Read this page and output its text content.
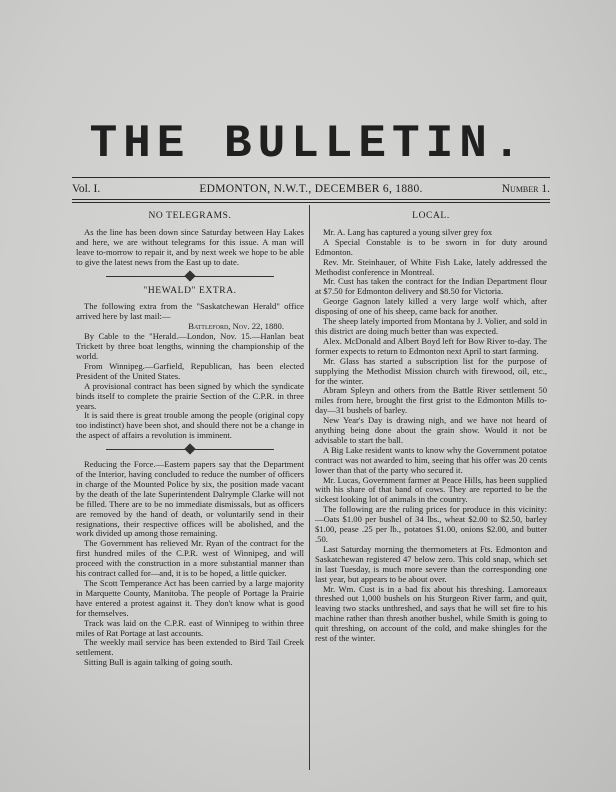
THE BULLETIN.
Vol. I.	EDMONTON, N.W.T., DECEMBER 6, 1880.	Number 1.

NO TELEGRAMS.

As the line has been down since Saturday between Hay Lakes and here, we are without telegrams for this issue. A man will leave to-morrow to repair it, and by next week we hope to be able to give the latest news from the East up to date.

"HEWALD" EXTRA.

The following extra from the "Saskatchewan Herald" office arrived here by last mail:—

Battleford, Nov. 22, 1880.

By Cable to the "Herald.—London, Nov. 15.—Hanlan beat Trickett by three boat lengths, winning the championship of the world.

From Winnipeg.—Garfield, Republican, has been elected President of the United States.

A provisional contract has been signed by which the syndicate binds itself to complete the prairie Section of the C.P.R. in three years.

It is said there is great trouble among the people (original copy too indistinct) have been shot, and should there not be a change in the aspect of affairs a revolution is imminent.

Reducing the Force.—Eastern papers say that the Department of the Interior, having concluded to reduce the number of officers in charge of the Mounted Police by six, the position made vacant by the death of the late Superintendent Dalrymple Clarke will not be filled. There are to be no immediate dismissals, but as officers are removed by the hand of death, or voluntarily send in their resignations, their respective offices will be abolished, and the work divided up among those remaining.

The Government has relieved Mr. Ryan of the contract for the first hundred miles of the C.P.R. west of Winnipeg, and will proceed with the construction in a more substantial manner than his contract called for—and, it is to be hoped, a little quicker.

The Scott Temperance Act has been carried by a large majority in Marquette County, Manitoba. The people of Portage la Prairie have entered a protest against it. They don't know what is good for themselves.

Track was laid on the C.P.R. east of Winnipeg to within three miles of Rat Portage at last accounts.

The weekly mail service has been extended to Bird Tail Creek settlement.

Sitting Bull is again talking of going south.

LOCAL.

Mr. A. Lang has captured a young silver grey fox

A Special Constable is to be sworn in for duty around Edmonton.

Rev. Mr. Steinhauer, of White Fish Lake, lately addressed the Methodist conference in Montreal.

Mr. Cust has taken the contract for the Indian Department flour at $7.50 for Edmonton delivery and $8.50 for Victoria.

George Gagnon lately killed a very large wolf which, after disposing of one of his sheep, came back for another.

The sheep lately imported from Montana by J. Volier, and sold in this district are doing much better than was expected.

Alex. McDonald and Albert Boyd left for Bow River to-day. The former expects to return to Edmonton next April to start farming.

Mr. Glass has started a subscription list for the purpose of supplying the Methodist Mission church with firewood, oil, etc., for the winter.

Abram Spleyn and others from the Battle River settlement 50 miles from here, brought the first grist to the Edmonton Mills to-day—31 bushels of barley.

New Year's Day is drawing nigh, and we have not heard of anything being done about the grain show. Would it not be advisable to start the ball.

A Big Lake resident wants to know why the Government potatoe contract was not awarded to him, seeing that his offer was 20 cents lower than that of the party who secured it.

Mr. Lucas, Government farmer at Peace Hills, has been supplied with his share of that band of cows. They are reported to be the sickest looking lot of animals in the country.

The following are the ruling prices for produce in this vicinity:—Oats $1.00 per bushel of 34 lbs., wheat $2.00 to $2.50, barley $1.00, pease .25 per lb., potatoes $1.00, onions $2.00, and butter .50.

Last Saturday morning the thermometers at Fts. Edmonton and Saskatchewan registered 47 below zero. This cold snap, which set in last Tuesday, is much more severe than the corresponding one last year, but appears to be about over.

Mr. Wm. Cust is in a bad fix about his threshing. Lamoreaux threshed out 1,000 bushels on his Sturgeon River farm, and quit, leaving two stacks unthreshed, and says that he will set fire to his machine rather than thresh another bushel, while Smith is going to quit threshing, on account of the cold, and make shingles for the rest of the winter.
